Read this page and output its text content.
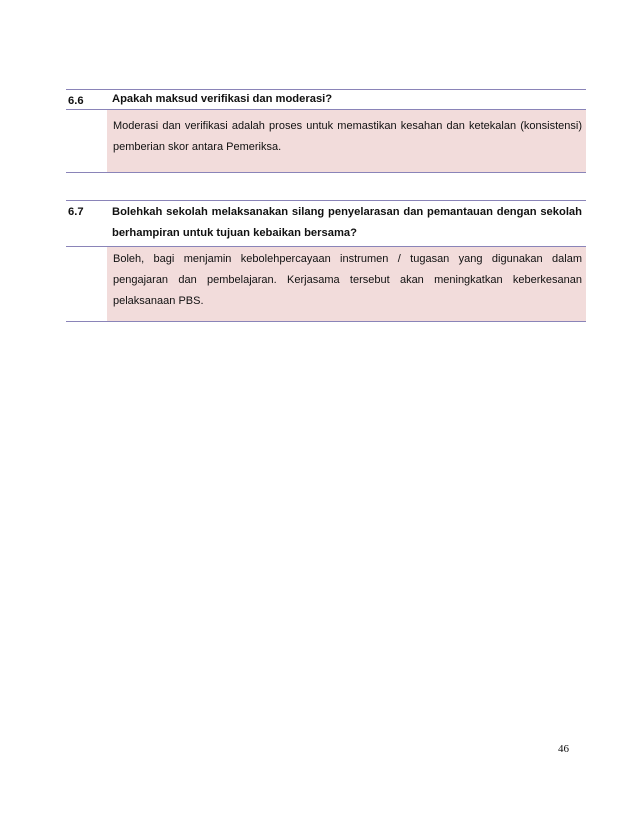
6.6	Apakah maksud verifikasi dan moderasi?
Moderasi dan verifikasi adalah proses untuk memastikan kesahan dan ketekalan (konsistensi) pemberian skor antara Pemeriksa.
6.7	Bolehkah sekolah melaksanakan silang penyelarasan dan pemantauan dengan sekolah berhampiran untuk tujuan kebaikan bersama?
Boleh, bagi menjamin kebolehpercayaan instrumen / tugasan yang digunakan dalam pengajaran dan pembelajaran. Kerjasama tersebut akan meningkatkan keberkesanan pelaksanaan PBS.
46
